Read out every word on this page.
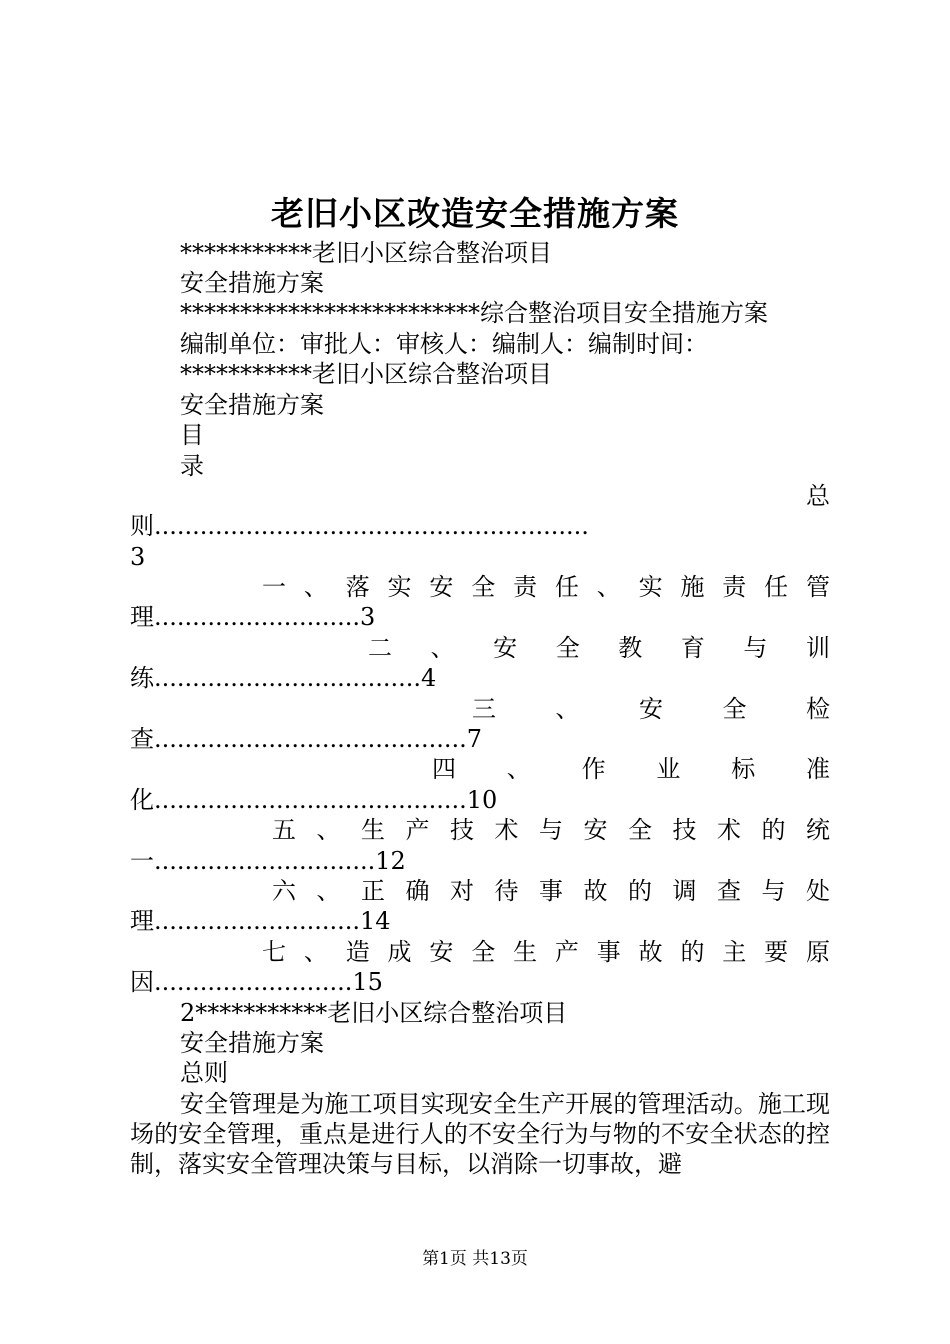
老旧小区改造安全措施方案
***********老旧小区综合整治项目
安全措施方案
*************************综合整治项目安全措施方案
编制单位：审批人：审核人：编制人：编制时间：
***********老旧小区综合整治项目
安全措施方案
目
录
总
则.........................................................
3
一、落实安全责任、实施责任管
理...........................3
二、安全教育与训
练...................................4
三、安全检
查.........................................7
四、作业标准
化.........................................10
五、生产技术与安全技术的统
一.............................12
六、正确对待事故的调查与处
理...........................14
七、造成安全生产事故的主要原
因..........................15
2***********老旧小区综合整治项目
安全措施方案
总则
安全管理是为施工项目实现安全生产开展的管理活动。施工现场的安全管理，重点是进行人的不安全行为与物的不安全状态的控制，落实安全管理决策与目标，以消除一切事故，避
第1页 共13页
